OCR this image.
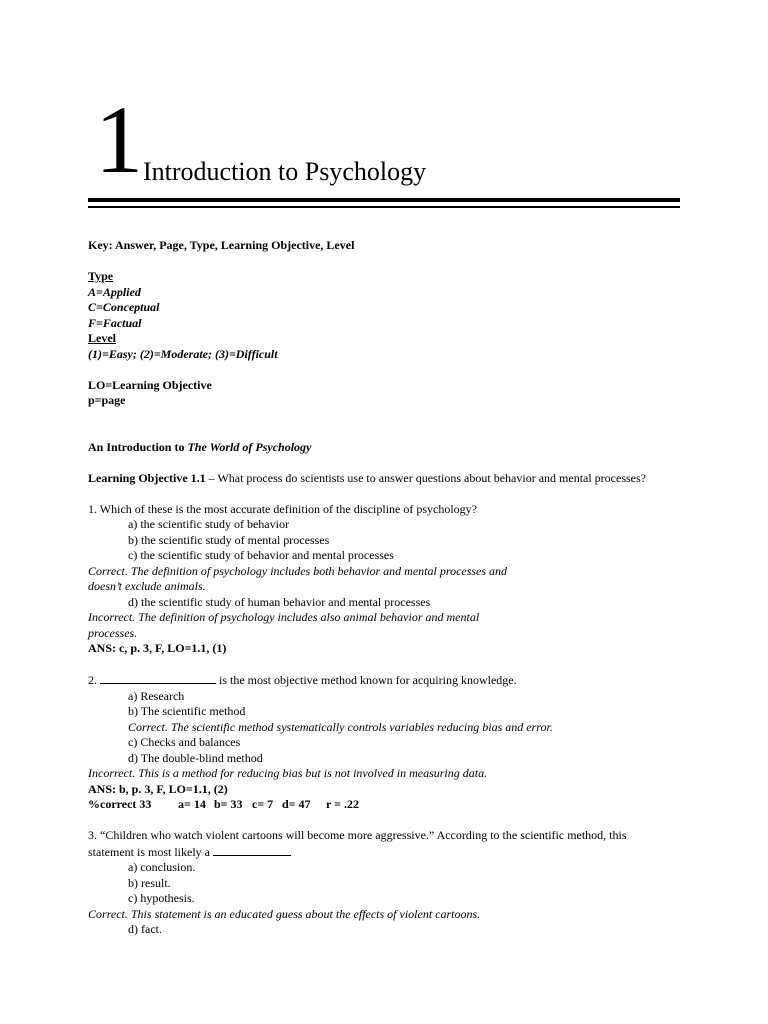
1 Introduction to Psychology
Key: Answer, Page, Type, Learning Objective, Level
Type
A=Applied
C=Conceptual
F=Factual
Level
(1)=Easy; (2)=Moderate; (3)=Difficult
LO=Learning Objective
p=page
An Introduction to The World of Psychology
Learning Objective 1.1 – What process do scientists use to answer questions about behavior and mental processes?
1. Which of these is the most accurate definition of the discipline of psychology?
a) the scientific study of behavior
b) the scientific study of mental processes
c) the scientific study of behavior and mental processes
Correct. The definition of psychology includes both behavior and mental processes and
doesn’t exclude animals.
d) the scientific study of human behavior and mental processes
Incorrect. The definition of psychology includes also animal behavior and mental
processes.
ANS: c, p. 3, F, LO=1.1, (1)
2.	is the most objective method known for acquiring knowledge.
a) Research
b) The scientific method
Correct. The scientific method systematically controls variables reducing bias and error.
c) Checks and balances
d) The double-blind method
Incorrect. This is a method for reducing bias but is not involved in measuring data.
ANS: b, p. 3, F, LO=1.1, (2)
%correct 33 a= 14 b= 33 c= 7 d= 47 r = .22
3. “Children who watch violent cartoons will become more aggressive.” According to the scientific method, this
statement is most likely a
a) conclusion.
b) result.
c) hypothesis.
Correct. This statement is an educated guess about the effects of violent cartoons.
d) fact.
